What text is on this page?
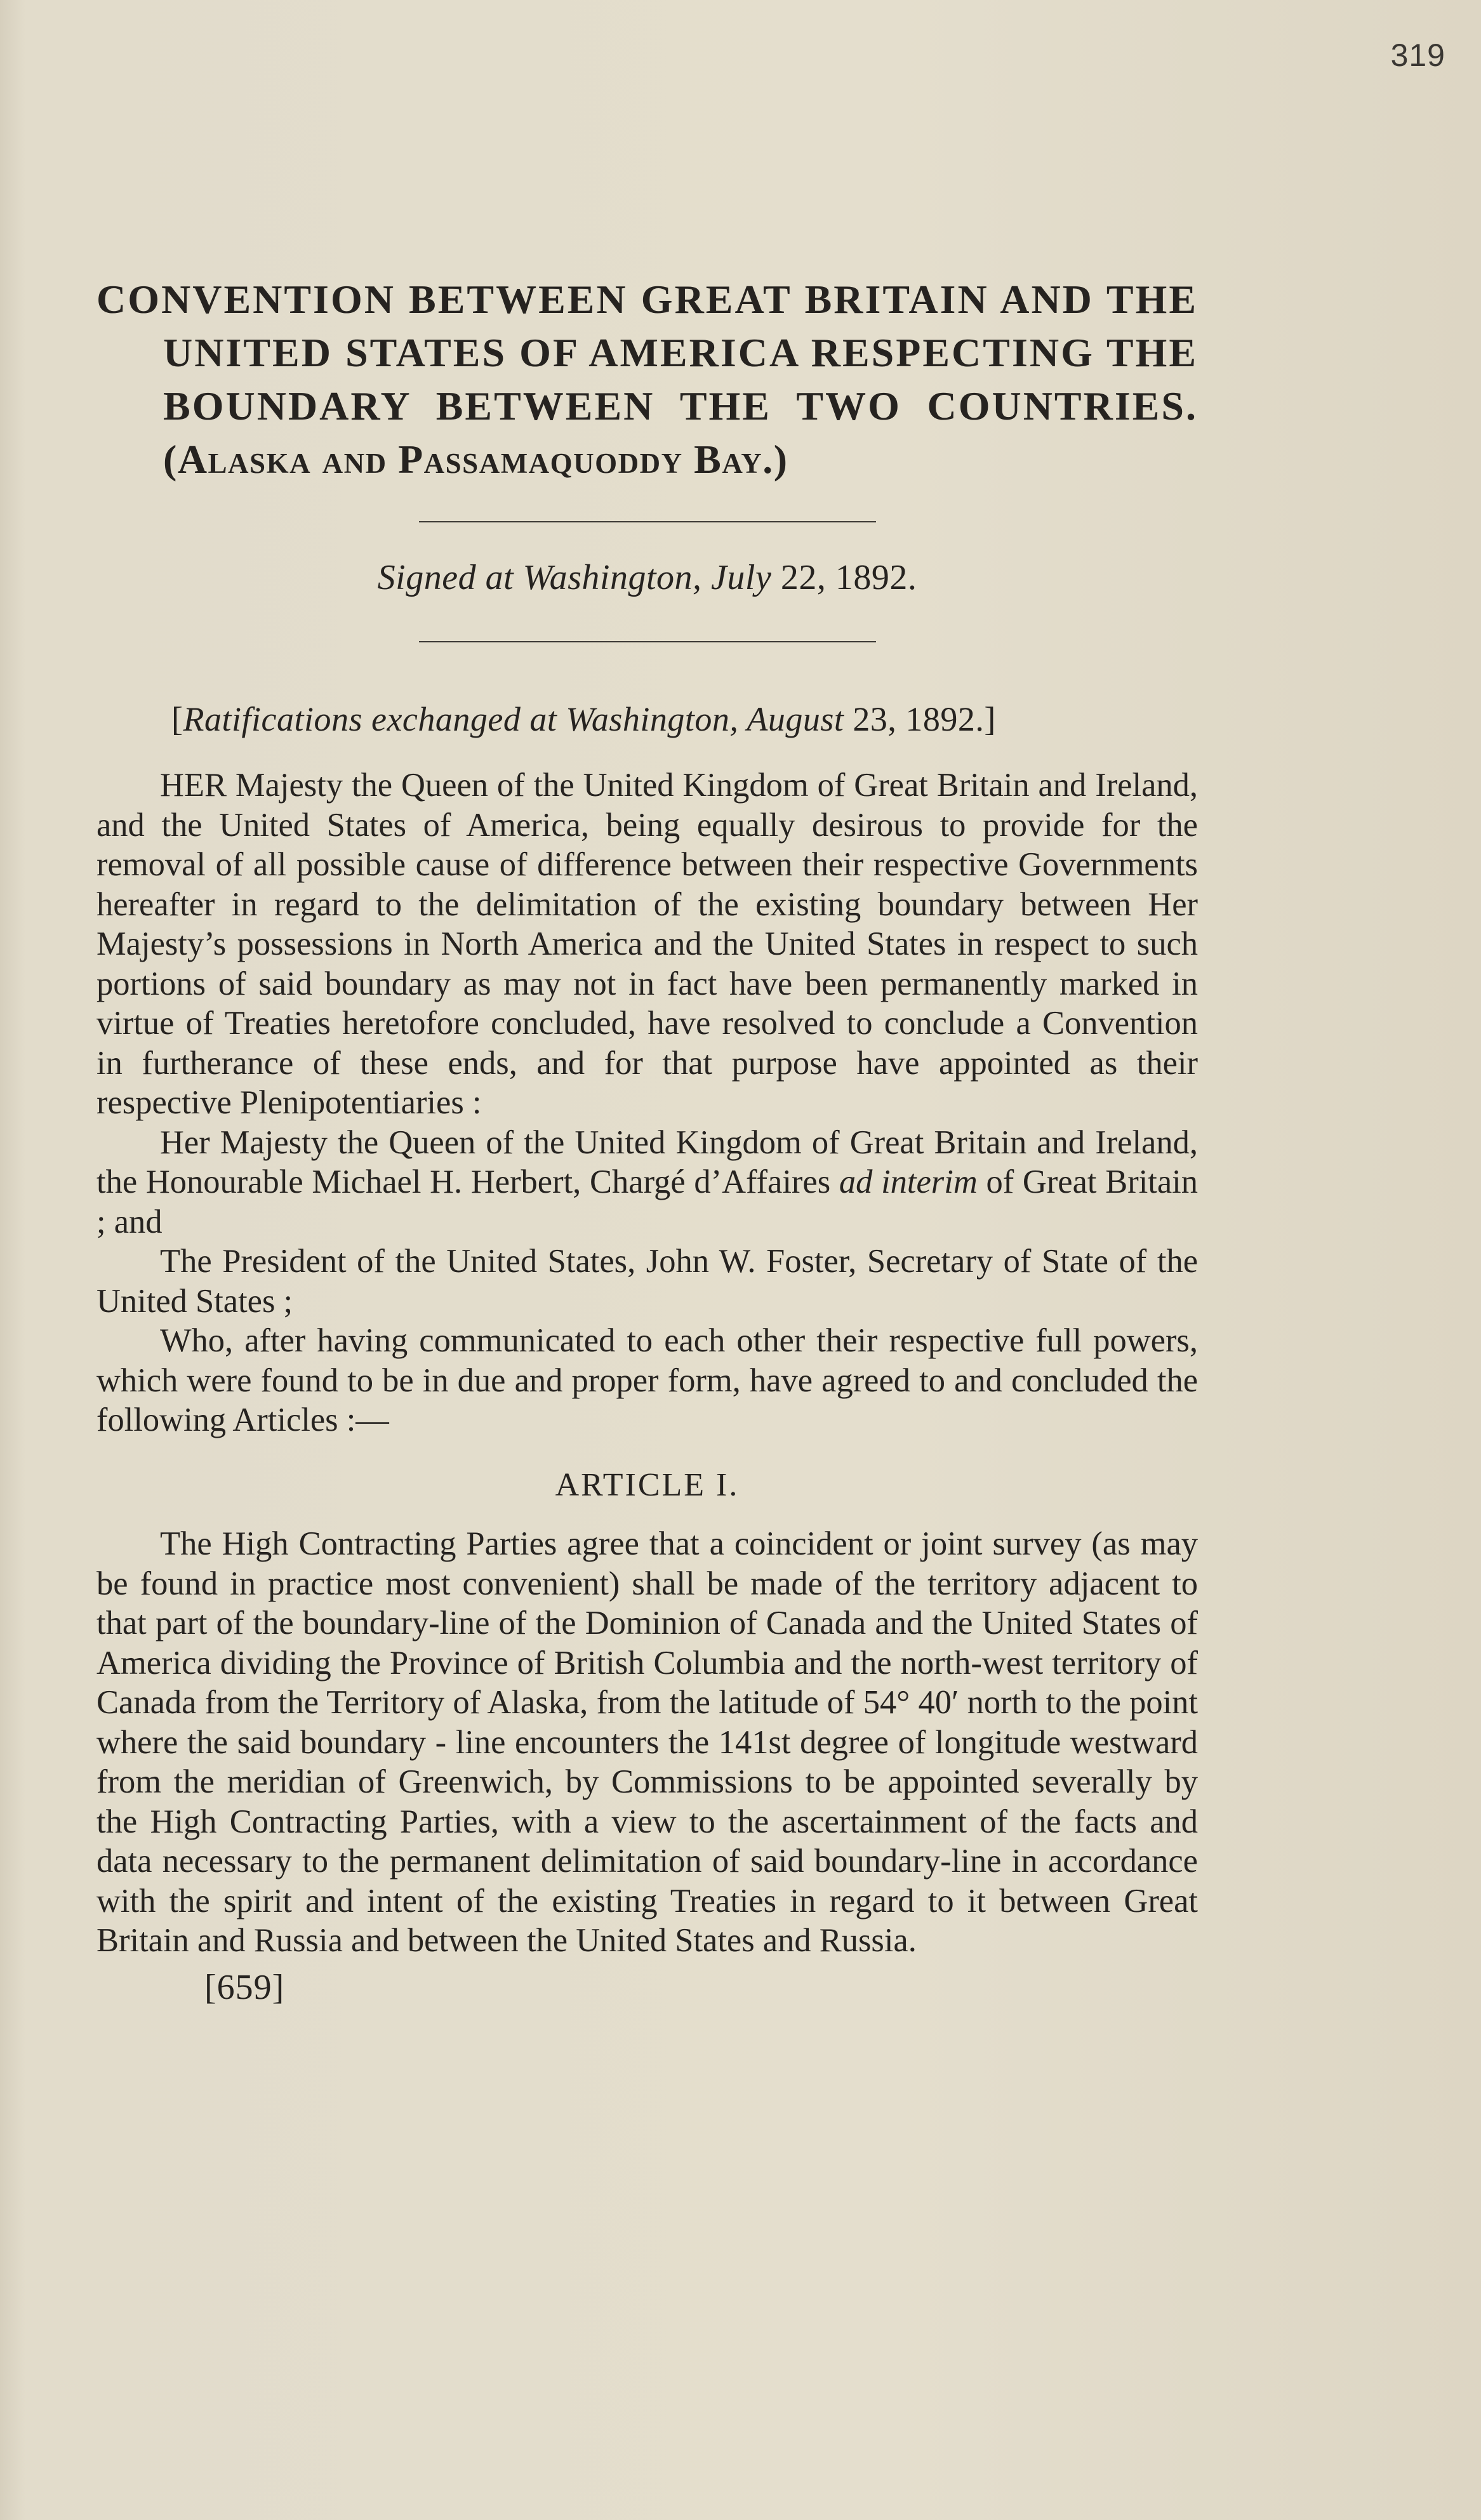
319
CONVENTION BETWEEN GREAT BRITAIN AND THE UNITED STATES OF AMERICA RESPECTING THE BOUNDARY BETWEEN THE TWO COUNTRIES. (Alaska and Passamaquoddy Bay.)
Signed at Washington, July 22, 1892.
[Ratifications exchanged at Washington, August 23, 1892.]

HER Majesty the Queen of the United Kingdom of Great Britain and Ireland, and the United States of America, being equally desirous to provide for the removal of all possible cause of difference between their respective Governments hereafter in regard to the delimitation of the existing boundary between Her Majesty’s possessions in North America and the United States in respect to such portions of said boundary as may not in fact have been permanently marked in virtue of Treaties heretofore concluded, have resolved to conclude a Convention in furtherance of these ends, and for that purpose have appointed as their respective Plenipotentiaries :

Her Majesty the Queen of the United Kingdom of Great Britain and Ireland, the Honourable Michael H. Herbert, Chargé d’Affaires ad interim of Great Britain ; and

The President of the United States, John W. Foster, Secretary of State of the United States ;

Who, after having communicated to each other their respective full powers, which were found to be in due and proper form, have agreed to and concluded the following Articles :—

ARTICLE I.

The High Contracting Parties agree that a coincident or joint survey (as may be found in practice most convenient) shall be made of the territory adjacent to that part of the boundary-line of the Dominion of Canada and the United States of America dividing the Province of British Columbia and the north-west territory of Canada from the Territory of Alaska, from the latitude of 54° 40′ north to the point where the said boundary - line encounters the 141st degree of longitude westward from the meridian of Greenwich, by Commissions to be appointed severally by the High Contracting Parties, with a view to the ascertainment of the facts and data necessary to the permanent delimitation of said boundary-line in accordance with the spirit and intent of the existing Treaties in regard to it between Great Britain and Russia and between the United States and Russia.

[659]
